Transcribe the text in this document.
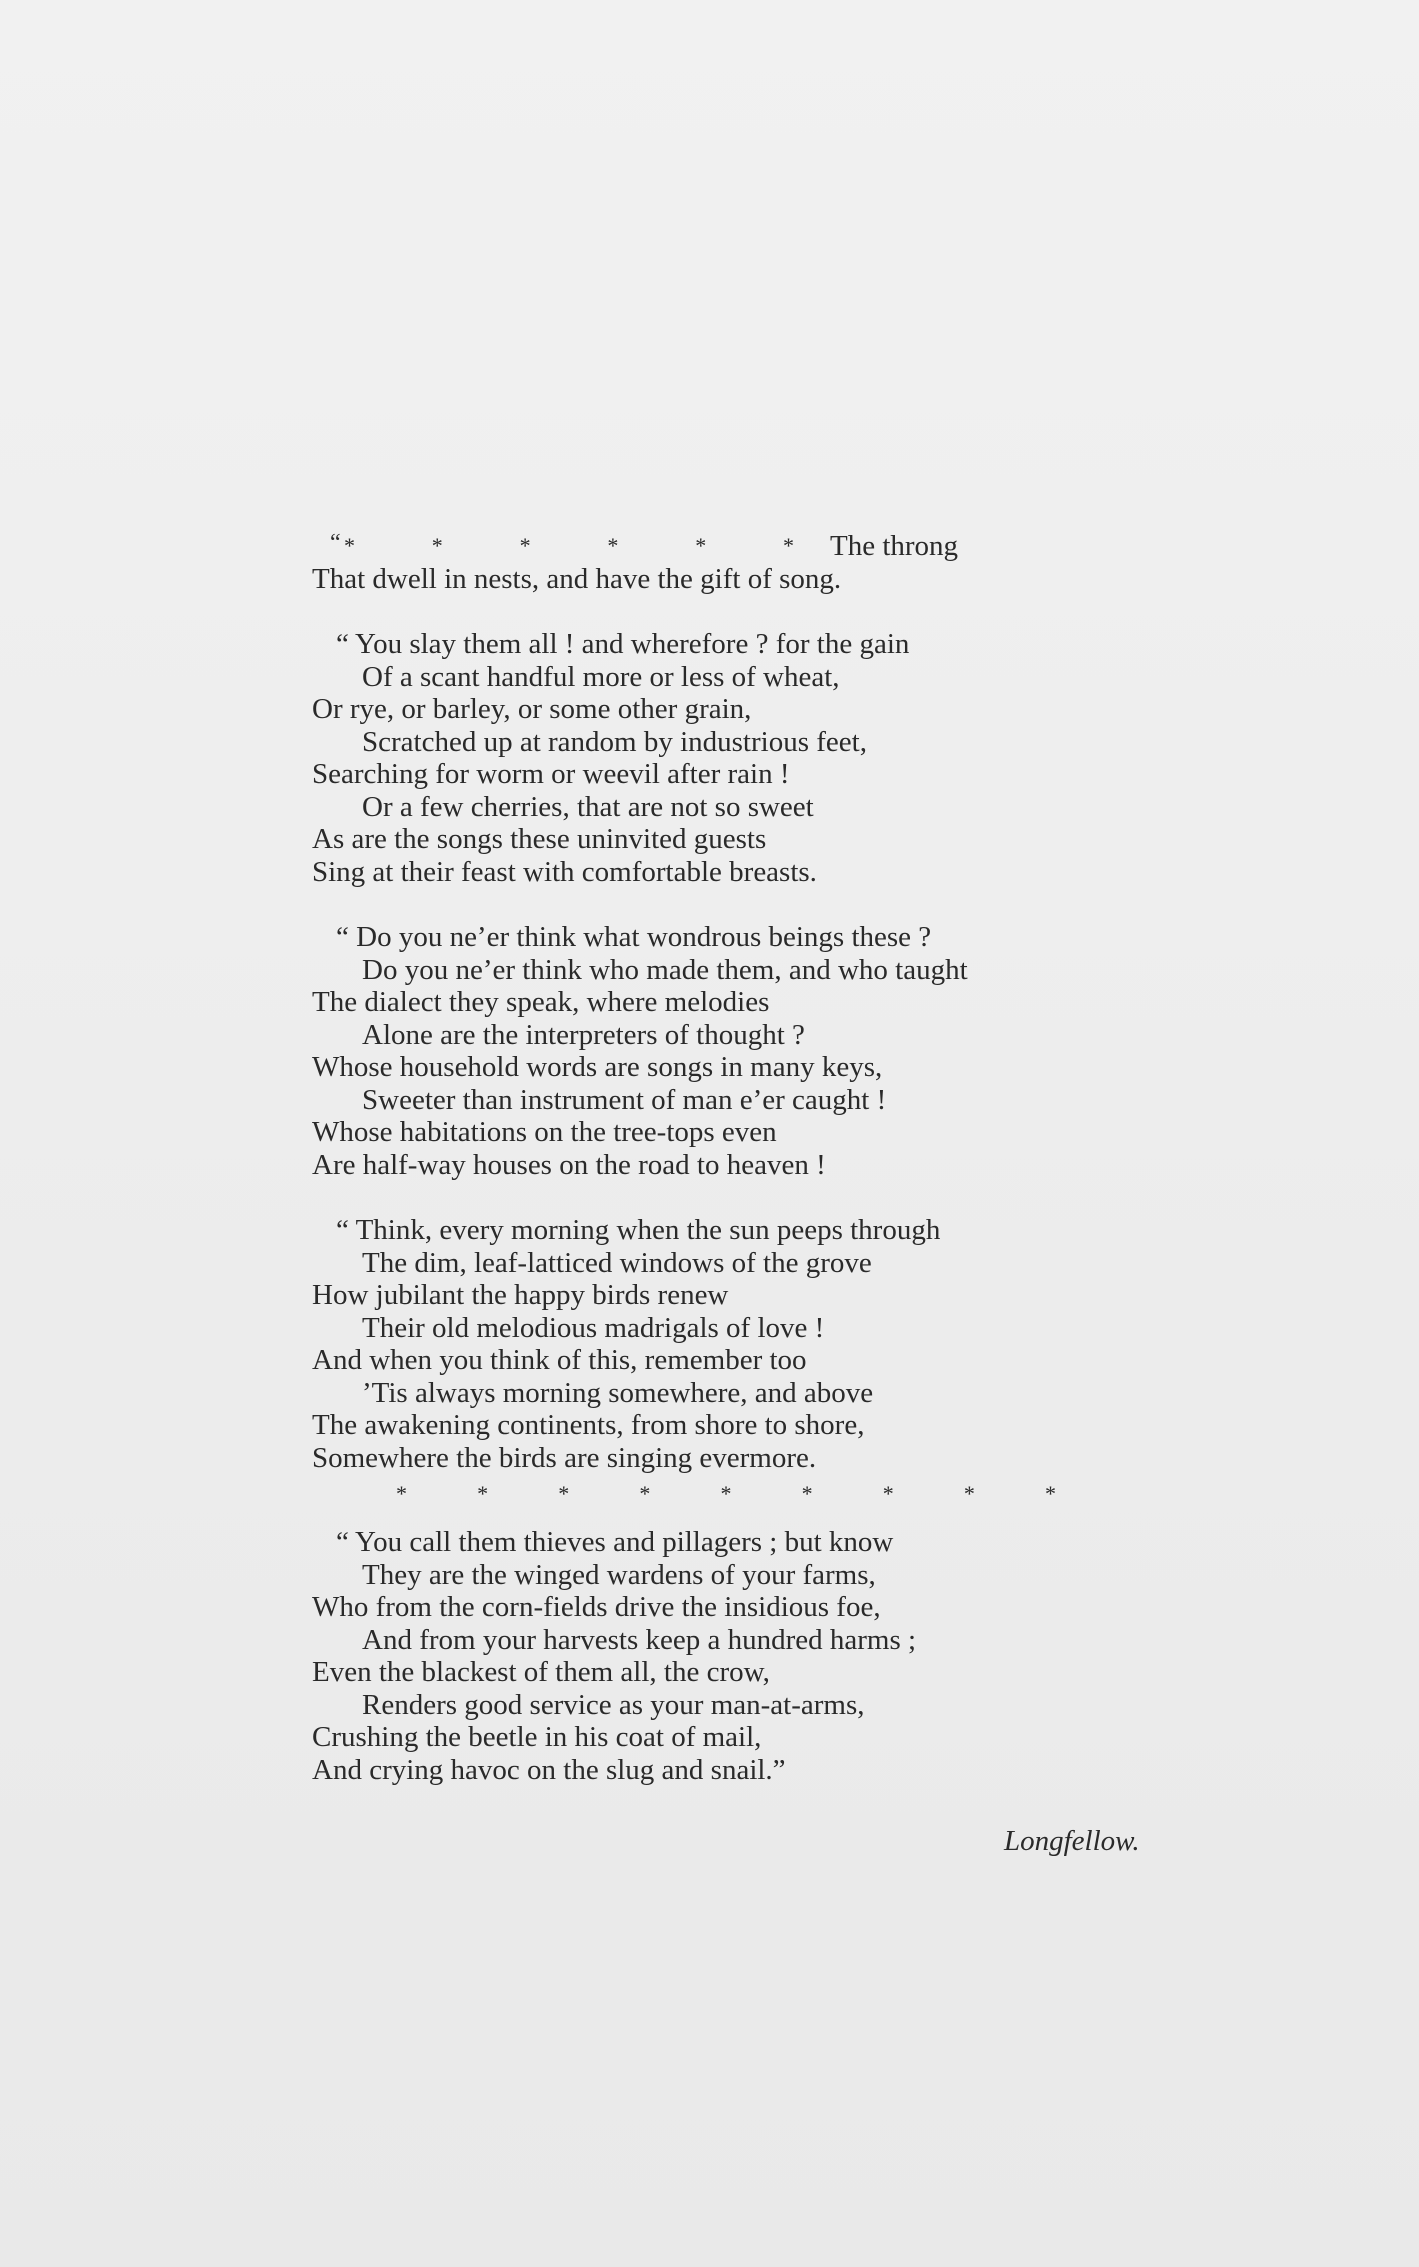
“ *	*	*	*	*	* The throng
That dwell in nests, and have the gift of song.
“ You slay them all ! and wherefore ? for the gain
Of a scant handful more or less of wheat,
Or rye, or barley, or some other grain,
Scratched up at random by industrious feet,
Searching for worm or weevil after rain !
Or a few cherries, that are not so sweet
As are the songs these uninvited guests
Sing at their feast with comfortable breasts.
“ Do you ne’er think what wondrous beings these ?
Do you ne’er think who made them, and who taught
The dialect they speak, where melodies
Alone are the interpreters of thought ?
Whose household words are songs in many keys,
Sweeter than instrument of man e’er caught !
Whose habitations on the tree-tops even
Are half-way houses on the road to heaven !
“ Think, every morning when the sun peeps through
The dim, leaf-latticed windows of the grove
How jubilant the happy birds renew
Their old melodious madrigals of love !
And when you think of this, remember too
’Tis always morning somewhere, and above
The awakening continents, from shore to shore,
Somewhere the birds are singing evermore.
*	*	*	*	*	*	*	*	*
“ You call them thieves and pillagers ; but know
They are the winged wardens of your farms,
Who from the corn-fields drive the insidious foe,
And from your harvests keep a hundred harms ;
Even the blackest of them all, the crow,
Renders good service as your man-at-arms,
Crushing the beetle in his coat of mail,
And crying havoc on the slug and snail.”
Longfellow.
